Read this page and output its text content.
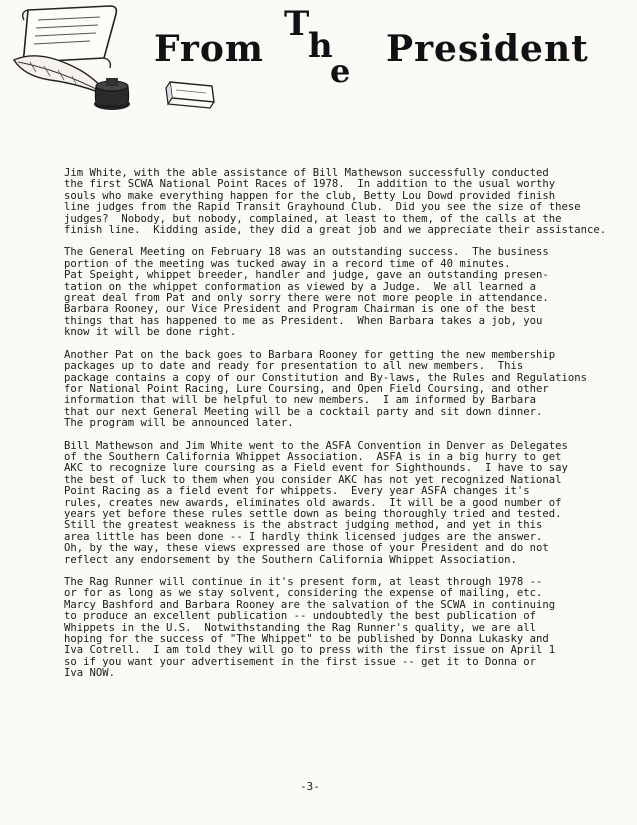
From
T
h
e
President

Jim White, with the able assistance of Bill Mathewson successfully conducted
the first SCWA National Point Races of 1978.  In addition to the usual worthy
souls who make everything happen for the club, Betty Lou Dowd provided finish
line judges from the Rapid Transit Grayhound Club.  Did you see the size of these
judges?  Nobody, but nobody, complained, at least to them, of the calls at the
finish line.  Kidding aside, they did a great job and we appreciate their assistance.

The General Meeting on February 18 was an outstanding success.  The business
portion of the meeting was tucked away in a record time of 40 minutes.
Pat Speight, whippet breeder, handler and judge, gave an outstanding presen-
tation on the whippet conformation as viewed by a Judge.  We all learned a
great deal from Pat and only sorry there were not more people in attendance.
Barbara Rooney, our Vice President and Program Chairman is one of the best
things that has happened to me as President.  When Barbara takes a job, you
know it will be done right.

Another Pat on the back goes to Barbara Rooney for getting the new membership
packages up to date and ready for presentation to all new members.  This
package contains a copy of our Constitution and By-laws, the Rules and Regulations
for National Point Racing, Lure Coursing, and Open Field Coursing, and other
information that will be helpful to new members.  I am informed by Barbara
that our next General Meeting will be a cocktail party and sit down dinner.
The program will be announced later.

Bill Mathewson and Jim White went to the ASFA Convention in Denver as Delegates
of the Southern California Whippet Association.  ASFA is in a big hurry to get
AKC to recognize lure coursing as a Field event for Sighthounds.  I have to say
the best of luck to them when you consider AKC has not yet recognized National
Point Racing as a field event for whippets.  Every year ASFA changes it's
rules, creates new awards, eliminates old awards.  It will be a good number of
years yet before these rules settle down as being thoroughly tried and tested.
Still the greatest weakness is the abstract judging method, and yet in this
area little has been done -- I hardly think licensed judges are the answer.
Oh, by the way, these views expressed are those of your President and do not
reflect any endorsement by the Southern California Whippet Association.

The Rag Runner will continue in it's present form, at least through 1978 --
or for as long as we stay solvent, considering the expense of mailing, etc.
Marcy Bashford and Barbara Rooney are the salvation of the SCWA in continuing
to produce an excellent publication -- undoubtedly the best publication of
Whippets in the U.S.  Notwithstanding the Rag Runner's quality, we are all
hoping for the success of "The Whippet" to be published by Donna Lukasky and
Iva Cotrell.  I am told they will go to press with the first issue on April 1
so if you want your advertisement in the first issue -- get it to Donna or
Iva NOW.

-3-
